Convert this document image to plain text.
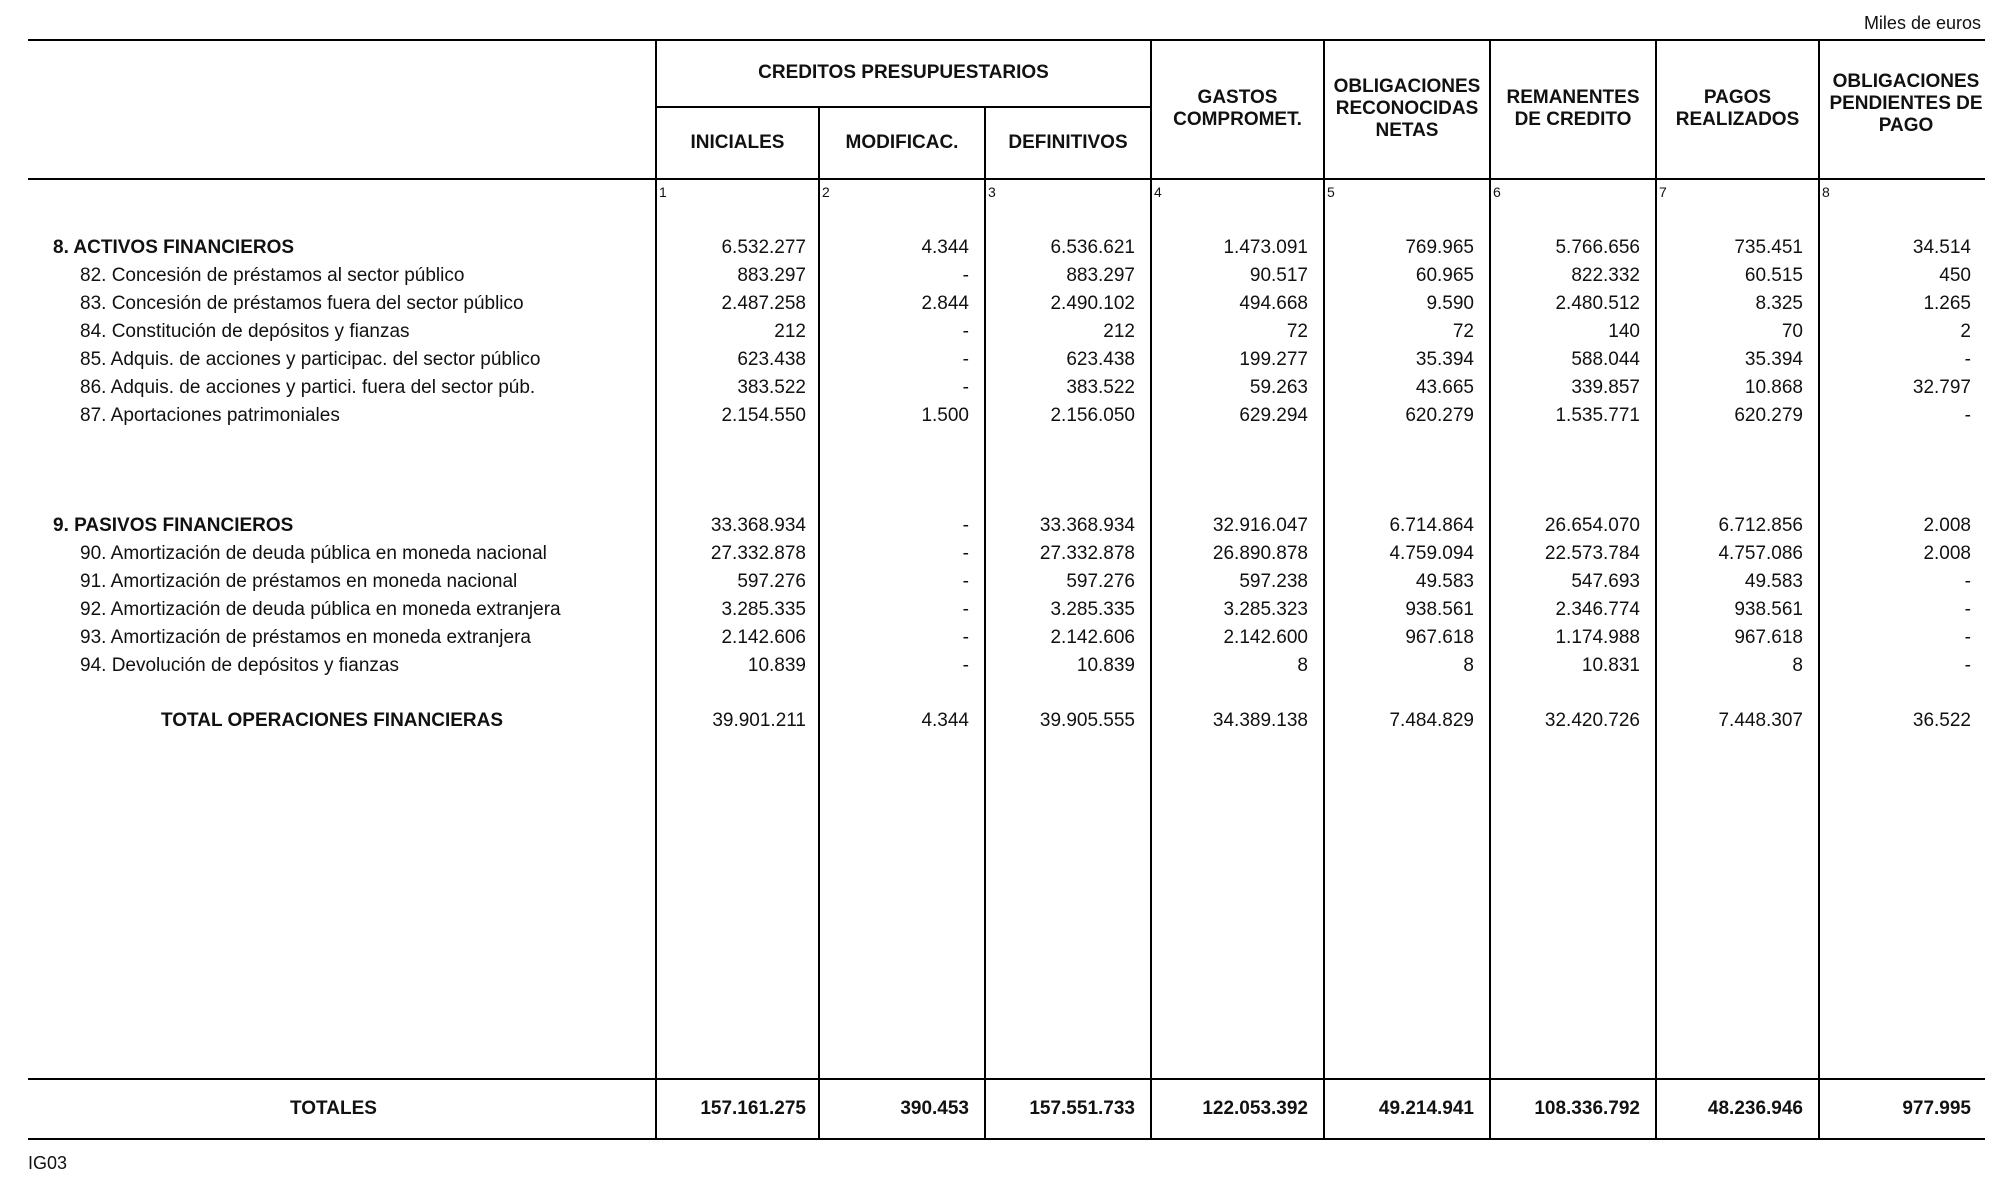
Miles de euros
CREDITOS PRESUPUESTARIOS
INICIALES	MODIFICAC.	DEFINITIVOS
GASTOS
COMPROMET.
OBLIGACIONES
RECONOCIDAS
NETAS
REMANENTES
DE CREDITO
PAGOS
REALIZADOS
OBLIGACIONES
PENDIENTES DE
PAGO
1	2	3	4	5	6	7	8
8. ACTIVOS FINANCIEROS	6.532.277	4.344	6.536.621	1.473.091	769.965	5.766.656	735.451	34.514
82. Concesión de préstamos al sector público	883.297	-	883.297	90.517	60.965	822.332	60.515	450
83. Concesión de préstamos fuera del sector público	2.487.258	2.844	2.490.102	494.668	9.590	2.480.512	8.325	1.265
84. Constitución de depósitos y fianzas	212	-	212	72	72	140	70	2
85. Adquis. de acciones y participac. del sector público	623.438	-	623.438	199.277	35.394	588.044	35.394	-
86. Adquis. de acciones y partici. fuera del sector púb.	383.522	-	383.522	59.263	43.665	339.857	10.868	32.797
87. Aportaciones patrimoniales	2.154.550	1.500	2.156.050	629.294	620.279	1.535.771	620.279	-
9. PASIVOS FINANCIEROS	33.368.934	-	33.368.934	32.916.047	6.714.864	26.654.070	6.712.856	2.008
90. Amortización de deuda pública en moneda nacional	27.332.878	-	27.332.878	26.890.878	4.759.094	22.573.784	4.757.086	2.008
91. Amortización de préstamos en moneda nacional	597.276	-	597.276	597.238	49.583	547.693	49.583	-
92. Amortización de deuda pública en moneda extranjera	3.285.335	-	3.285.335	3.285.323	938.561	2.346.774	938.561	-
93. Amortización de préstamos en moneda extranjera	2.142.606	-	2.142.606	2.142.600	967.618	1.174.988	967.618	-
94. Devolución de depósitos y fianzas	10.839	-	10.839	8	8	10.831	8	-
TOTAL OPERACIONES FINANCIERAS	39.901.211	4.344	39.905.555	34.389.138	7.484.829	32.420.726	7.448.307	36.522
TOTALES	157.161.275	390.453	157.551.733	122.053.392	49.214.941	108.336.792	48.236.946	977.995
IG03
